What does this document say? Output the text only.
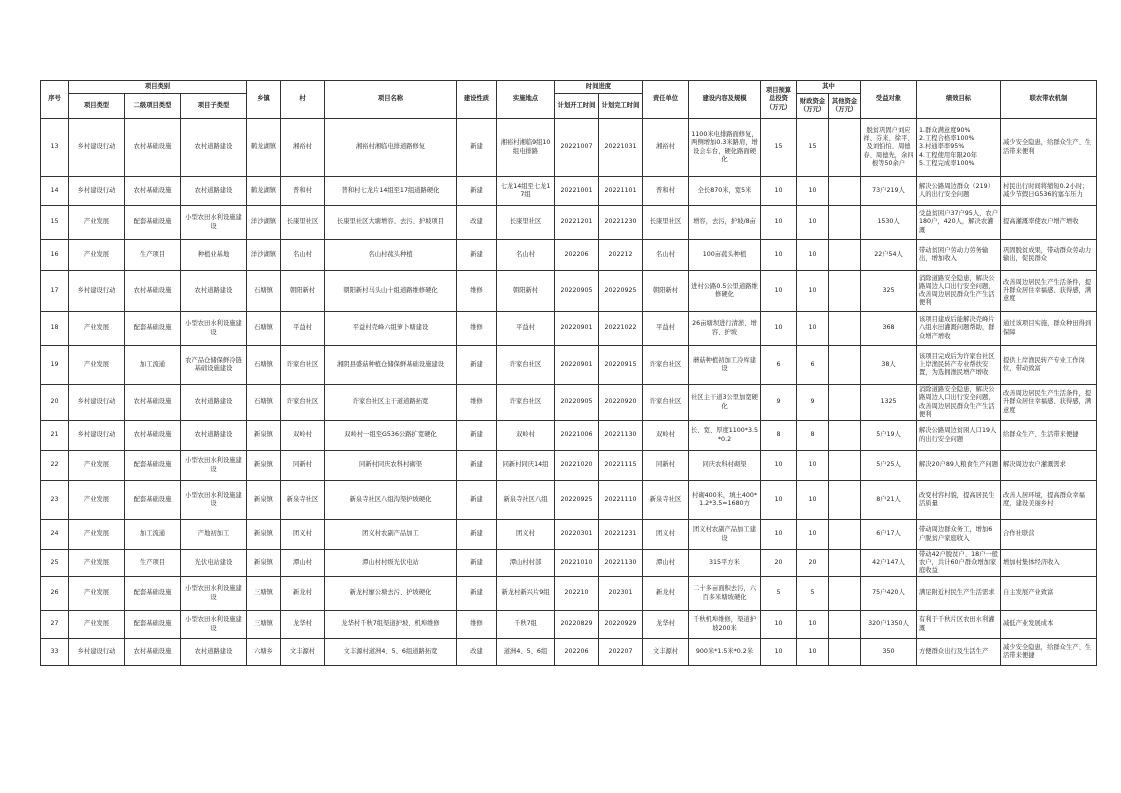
序号	项目类别			乡镇	村	项目名称	建设性质	实施地点	时间进度		责任单位	建设内容及规模	项目预算总投资（万元）	其中		受益对象	绩效目标	联农带农机制
	项目类型	二级项目类型	项目子类型						计划开工时间	计划完工时间				财政资金（万元）	其他资金（万元）			
13	乡村建设行动	农村基础设施	农村道路建设	鹤龙湖镇	湘裕村	湘裕村湘临电排道路修复	新建	湘裕村湘临9组10组电排路	20221007	20221031	湘裕村	1100米电排路面修复，两侧增加0.3米路肩，增设会车台，硬化路面硬化	15	15		脱贫巩固户刘应祥、芬来、徐平、及刘怕怕、周德春、周德先，余四根等50余户	1.群众满意度90%
2.工程合格率100%
3.村通率率95%
4.工程使用年限20年
5.工程完成率100%	减少安全隐患，给群众生产、生活带来便利
14	乡村建设行动	农村基础设施	农村道路建设	鹤龙湖镇	普和村	普和村七龙片14组至17组道路硬化	新建	七龙14组至七龙17组	20221001	20221101	普和村	全长870米，宽5米	10	10		73户219人	解决公路周边群众（219）人的出行安全问题	村民出行时间将缩短0.2小时；减少节假日G536的塞车压力
15	产业发展	配套基础设施	小型农田水利设施建设	洋沙湖镇	长康里社区	长康里社区大塘增容、去污、护坡项目	改建	长康里社区	20221201	20221230	长康里社区	增容，去污，护坡/8亩	10	10		1530人	受益贫困户37户95人，农户180户，420人，解决农灌溉	提高灌溉率使农户增产增收
16	产业发展	生产项目	种植业基地	洋沙湖镇	名山村	名山村菰头种植	新建	名山村	202206	202212	名山村	100亩菰头种植	10	10		22户54人	带动贫困户劳动力劳务输出，增加收入	巩固脱贫成果，带动群众劳动力输出，促民群众
17	乡村建设行动	农村基础设施	农村道路建设	石塘镇	朝阳新村	朝阳新村马头山十组道路维修硬化	维修	朝阳新村	20220905	20220925	朝阳新村	进村公路0.5公里道路维修硬化	10	10		325	消除道路安全隐患，解决公路周边人口出行安全问题，改善周边居民群众生产生活便利	改善周边居民生产生活条件，提升群众居住幸福感、获得感，满意度
18	产业发展	配套基础设施	小型农田水利设施建设	石塘镇	平益村	平益村壳峰六组萝卜塘建设	维修	平益村	20220901	20221022	平益村	26亩塘坝进行清淤、增容、护坡	10	10		368	该项目建成后能解决壳峰片八组水田灌溉问题帮助，群众增产增收	通过该项目实施，群众种田得到保障
19	产业发展	加工流通	农产品仓储保鲜冷链基础设施建设	石塘镇	许家台社区	湘阴县盛菇种植仓储保鲜基础设施建设	新建	许家台社区	20220901	20220915	许家台社区	蘑菇种植初加工冷库建设	6	6		38人	该项目完成后为许家台社区上岸渔民转产专业帮扶安置，为选拥渔民增产增收	提供上岸渔民转产专业工作岗位，带动致富
20	乡村建设行动	农村基础设施	农村道路建设	石塘镇	许家台社区	许家台社区主干道道路拓宽	维修	许家台社区	20220905	20220920	许家台社区	社区主干道3公里加宽硬化	9	9		1325	消除道路安全隐患，解决公路周边人口出行安全问题，改善周边居民群众生产生活便利	改善周边居民生产生活条件，提升群众居住幸福感、获得感，满意度
21	乡村建设行动	农村基础设施	农村道路建设	新泉镇	双岭村	双岭村一组至G536公路扩宽硬化	新建	双岭村	20221006	20221130	双岭村	长、宽、厚度1100*3.5*0.2	8	8		5户19人	解决公路周边贫困人口19人的出行安全问题	给群众生产、生活带来便捷
22	产业发展	配套基础设施	小型农田水利设施建设	新泉镇	同新村	同新村同庆农科村砌渠	新建	同新村同庆14组	20221020	20221115	同新村	同庆农科村砌渠	10	10		5户25人	解决20户89人粮食生产问题	解决周边农户灌溉需求
23	产业发展	配套基础设施	小型农田水利设施建设	新泉镇	新泉寺社区	新泉寺社区八组沟渠护坡硬化	新建	新泉寺社区八组	20220925	20221110	新泉寺社区	村砌400米，填土400*1.2*3.5=1680方	10	10		8户21人	改变村容村貌，提高居民生活质量	改善人居环境，提高群众幸福度，建设美丽乡村
24	产业发展	加工流通	产地初加工	新泉镇	团义村	团义村农副产品加工	新建	团义村	20220301	20221231	团义村	团义村农副产品加工建设	10	10		6户17人	带动周边群众务工，增加6户脱贫户家庭收入	合作社联营
25	产业发展	生产项目	光伏电站建设	新泉镇	潭山村	潭山村村级光伏电站	新建	潭山村村部	20221010	20221130	潭山村	315平方米	20	20		42户147人	带动42户脱贫户、18户一般农户，共计60户群众增加家庭收益	增加村集体经济收入
26	产业发展	配套基础设施	小型农田水利设施建设	三塘镇	新龙村	新龙村廖公塘去污、护坡硬化	新建	新龙村新兴片9组	202210	202301	新龙村	二十多亩面积去污，六百多米塘坡硬化	5	5		75户420人	满足附近村民生产生活需求	自主发展产业致富
27	产业发展	配套基础设施	小型农田水利设施建设	三塘镇	龙华村	龙华村千秋7组渠道护坡、机埠维修	维修	千秋7组	20220829	20220929	龙华村	千秋机埠维修，渠道护坡200米	10	10		320户1350人	有利于千秋片区农田水利灌溉	减低产业发展成本
33	乡村建设行动	农村基础设施	农村道路建设	六塘乡	文丰源村	文丰源村道洲4、5、6组道路拓宽	改建	道洲4、5、6组	202206	202207	文丰源村	900米*1.5米*0.2米	10	10		350	方便群众出行及生活生产	减少安全隐患，给群众生产、生活带来便捷
